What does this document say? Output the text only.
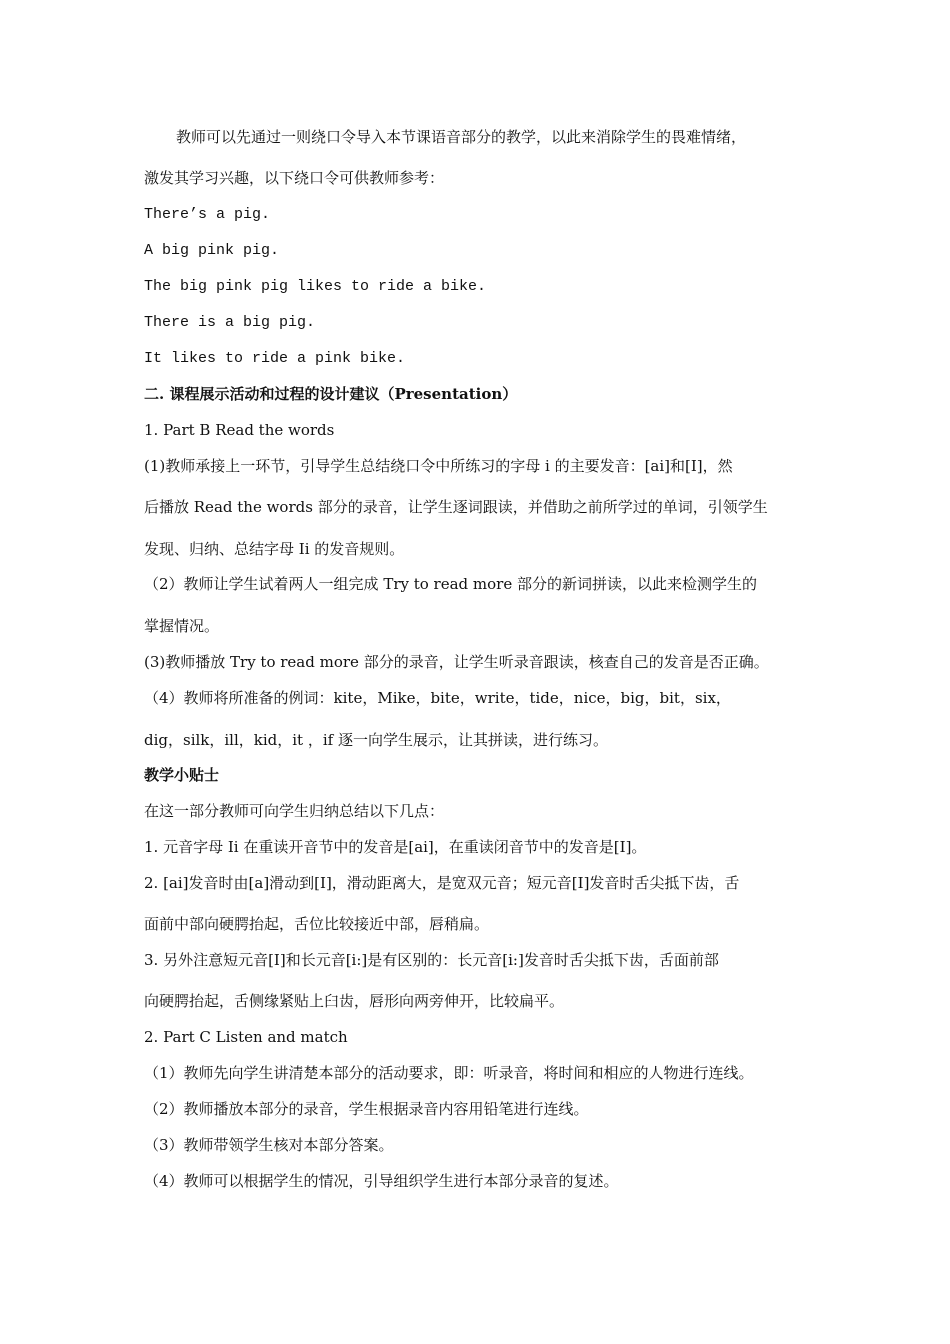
教师可以先通过一则绕口令导入本节课语音部分的教学，以此来消除学生的畏难情绪，
激发其学习兴趣，以下绕口令可供教师参考：
There’s a pig.
A big pink pig.
The big pink pig likes to ride a bike.
There is a big pig.
It likes to ride a pink bike.
二. 课程展示活动和过程的设计建议（Presentation）
1. Part B Read the words
(1)教师承接上一环节，引导学生总结绕口令中所练习的字母 i 的主要发音：[ai]和[I]，然
后播放 Read the words 部分的录音，让学生逐词跟读，并借助之前所学过的单词，引领学生
发现、归纳、总结字母 Ii 的发音规则。
（2）教师让学生试着两人一组完成 Try to read more 部分的新词拼读，以此来检测学生的
掌握情况。
(3)教师播放 Try to read more 部分的录音，让学生听录音跟读，核查自己的发音是否正确。
（4）教师将所准备的例词：kite，Mike，bite，write，tide，nice，big，bit，six，
dig，silk，ill，kid，it ，if 逐一向学生展示，让其拼读，进行练习。
教学小贴士
在这一部分教师可向学生归纳总结以下几点：
1. 元音字母 Ii 在重读开音节中的发音是[ai]，在重读闭音节中的发音是[I]。
2. [ai]发音时由[a]滑动到[I]，滑动距离大，是宽双元音；短元音[I]发音时舌尖抵下齿，舌
面前中部向硬腭抬起，舌位比较接近中部，唇稍扁。
3. 另外注意短元音[I]和长元音[i:]是有区别的：长元音[i:]发音时舌尖抵下齿，舌面前部
向硬腭抬起，舌侧缘紧贴上臼齿，唇形向两旁伸开，比较扁平。
2. Part C Listen and match
（1）教师先向学生讲清楚本部分的活动要求，即：听录音，将时间和相应的人物进行连线。
（2）教师播放本部分的录音，学生根据录音内容用铅笔进行连线。
（3）教师带领学生核对本部分答案。
（4）教师可以根据学生的情况，引导组织学生进行本部分录音的复述。
